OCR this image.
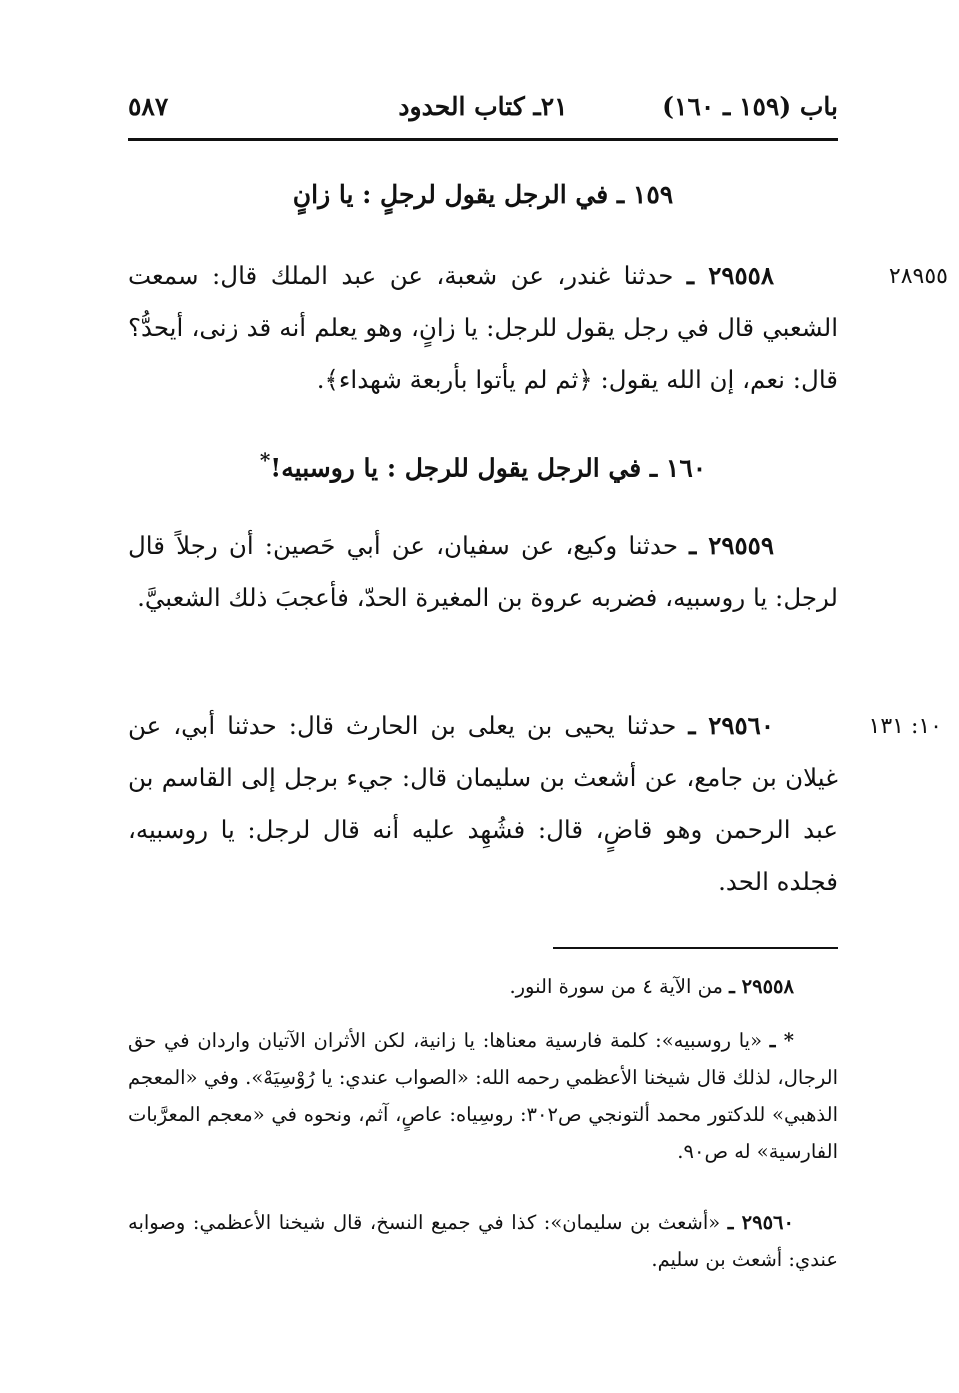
باب (١٥٩ ـ ١٦٠)
٢١ـ كتاب الحدود
٥٨٧
١٥٩ ـ في الرجل يقول لرجلٍ : يا زانٍ
٢٨٩٥٥
٢٩٥٥٨ ـ حدثنا غندر، عن شعبة، عن عبد الملك قال: سمعت الشعبي قال في رجل يقول للرجل: يا زانٍ، وهو يعلم أنه قد زنى، أيحدُّ؟ قال: نعم، إن الله يقول: ﴿ثم لم يأتوا بأربعة شهداء﴾.
١٦٠ ـ في الرجل يقول للرجل : يا روسبيه!*
٢٩٥٥٩ ـ حدثنا وكيع، عن سفيان، عن أبي حَصين: أن رجلاً قال لرجل: يا روسبيه، فضربه عروة بن المغيرة الحدّ، فأعجبَ ذلك الشعبيَّ.
١٠: ١٣١
٢٩٥٦٠ ـ حدثنا يحيى بن يعلى بن الحارث قال: حدثنا أبي، عن غيلان بن جامع، عن أشعث بن سليمان قال: جيء برجل إلى القاسم بن عبد الرحمن وهو قاضٍ، قال: فشُهِد عليه أنه قال لرجل: يا روسبيه، فجلده الحد.
٢٩٥٥٨ ـ من الآية ٤ من سورة النور.
* ـ «يا روسبيه»: كلمة فارسية معناها: يا زانية، لكن الأثران الآتيان واردان في حق الرجال، لذلك قال شيخنا الأعظمي رحمه الله: «الصواب عندي: يا رُوْسِيَهْ». وفي «المعجم الذهبي» للدكتور محمد ألتونجي ص٣٠٢: روسِياه: عاصٍ، آثم، ونحوه في «معجم المعرَّبات الفارسية» له ص٩٠.
٢٩٥٦٠ ـ «أشعث بن سليمان»: كذا في جميع النسخ، قال شيخنا الأعظمي: وصوابه عندي: أشعث بن سليم.
